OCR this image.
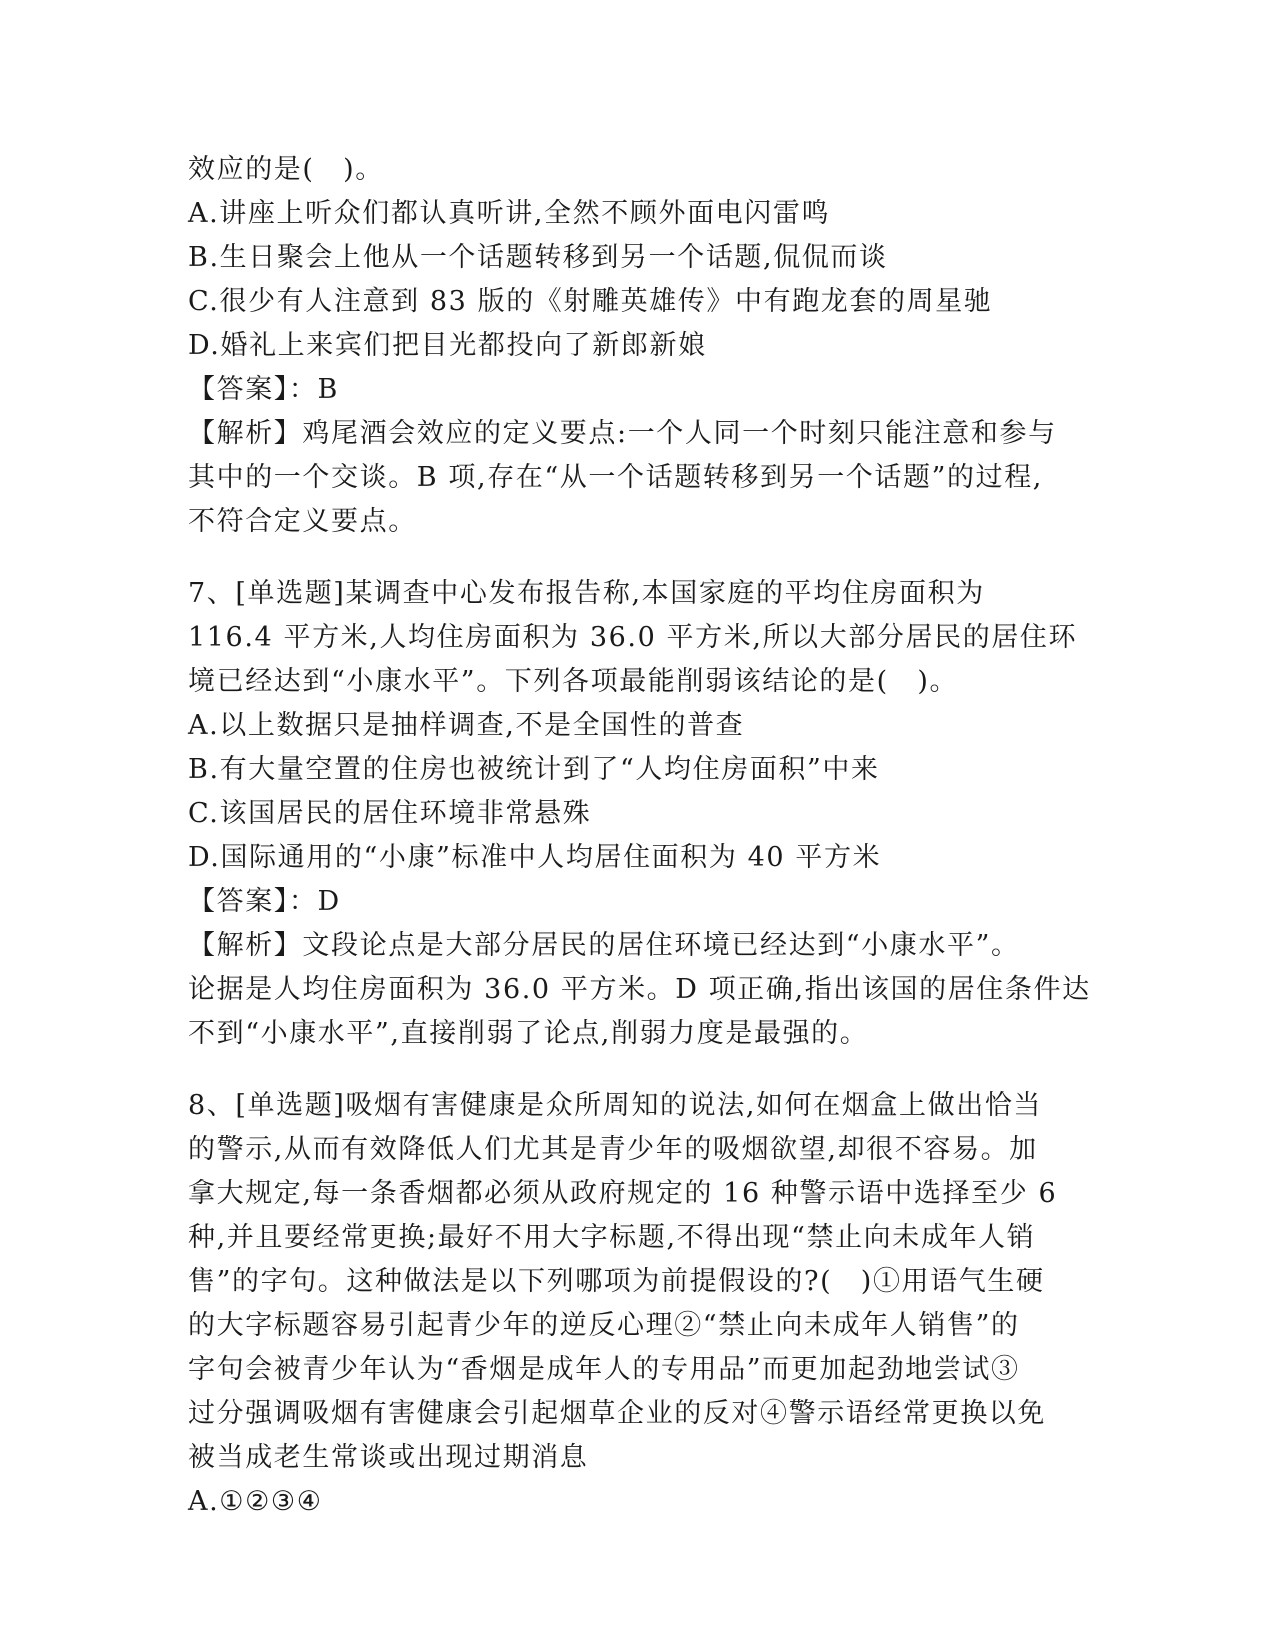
效应的是(　)。
A.讲座上听众们都认真听讲,全然不顾外面电闪雷鸣
B.生日聚会上他从一个话题转移到另一个话题,侃侃而谈
C.很少有人注意到 83 版的《射雕英雄传》中有跑龙套的周星驰
D.婚礼上来宾们把目光都投向了新郎新娘
【答案】：B
【解析】鸡尾酒会效应的定义要点:一个人同一个时刻只能注意和参与
其中的一个交谈。B 项,存在“从一个话题转移到另一个话题”的过程,
不符合定义要点。
7、[单选题]某调查中心发布报告称,本国家庭的平均住房面积为
116.4 平方米,人均住房面积为 36.0 平方米,所以大部分居民的居住环
境已经达到“小康水平”。下列各项最能削弱该结论的是(　)。
A.以上数据只是抽样调查,不是全国性的普查
B.有大量空置的住房也被统计到了“人均住房面积”中来
C.该国居民的居住环境非常悬殊
D.国际通用的“小康”标准中人均居住面积为 40 平方米
【答案】：D
【解析】文段论点是大部分居民的居住环境已经达到“小康水平”。
论据是人均住房面积为 36.0 平方米。D 项正确,指出该国的居住条件达
不到“小康水平”,直接削弱了论点,削弱力度是最强的。
8、[单选题]吸烟有害健康是众所周知的说法,如何在烟盒上做出恰当
的警示,从而有效降低人们尤其是青少年的吸烟欲望,却很不容易。加
拿大规定,每一条香烟都必须从政府规定的 16 种警示语中选择至少 6
种,并且要经常更换;最好不用大字标题,不得出现“禁止向未成年人销
售”的字句。这种做法是以下列哪项为前提假设的?(　)①用语气生硬
的大字标题容易引起青少年的逆反心理②“禁止向未成年人销售”的
字句会被青少年认为“香烟是成年人的专用品”而更加起劲地尝试③
过分强调吸烟有害健康会引起烟草企业的反对④警示语经常更换以免
被当成老生常谈或出现过期消息
A.①②③④
